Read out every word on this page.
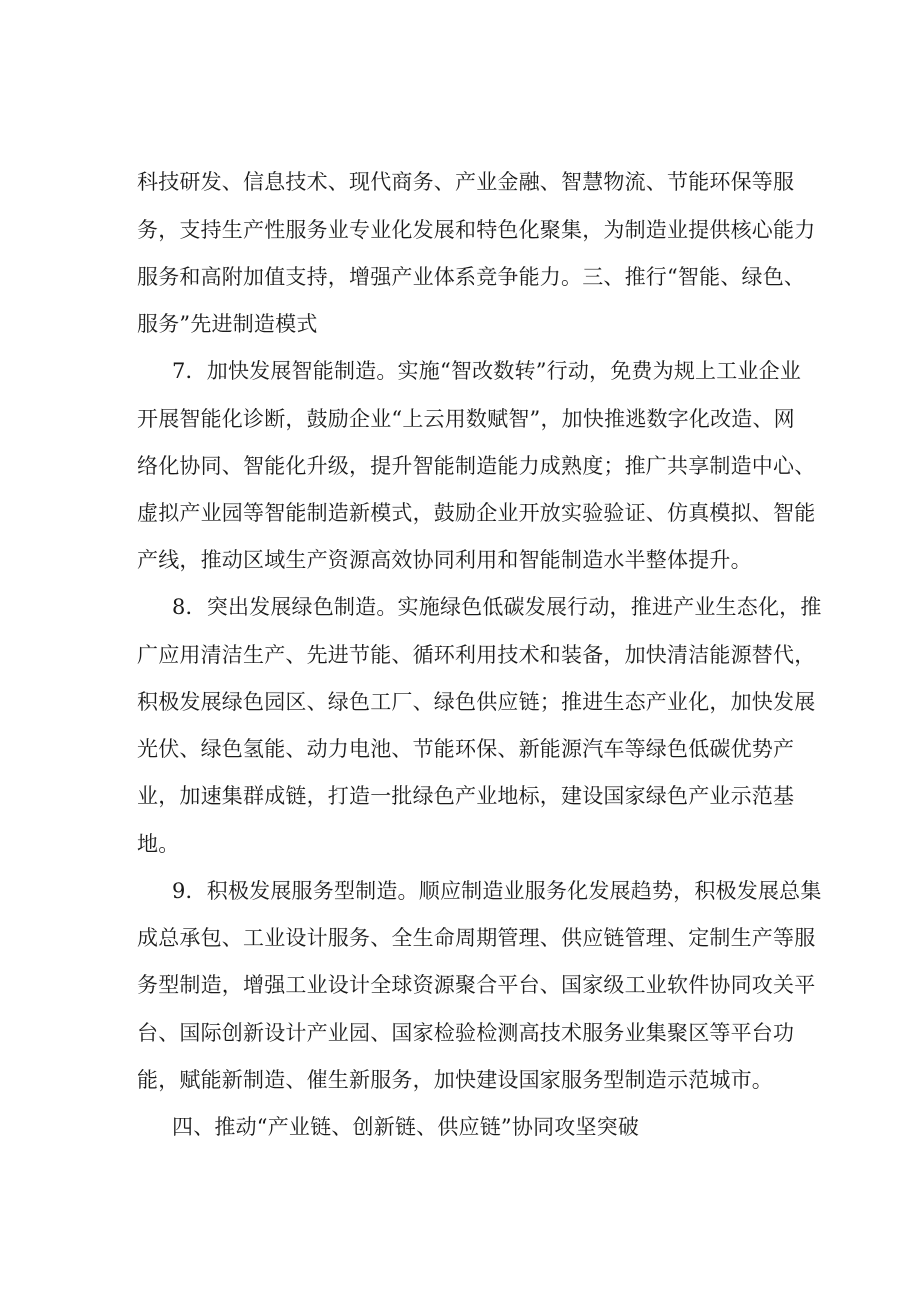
科技研发、信息技术、现代商务、产业金融、智慧物流、节能环保等服
务，支持生产性服务业专业化发展和特色化聚集，为制造业提供核心能力
服务和高附加值支持，增强产业体系竞争能力。三、推行“智能、绿色、
服务”先进制造模式
7．加快发展智能制造。实施“智改数转”行动，免费为规上工业企业
开展智能化诊断，鼓励企业“上云用数赋智”，加快推逃数字化改造、网
络化协同、智能化升级，提升智能制造能力成熟度；推广共享制造中心、
虚拟产业园等智能制造新模式，鼓励企业开放实验验证、仿真模拟、智能
产线，推动区域生产资源高效协同利用和智能制造水半整体提升。
8．突出发展绿色制造。实施绿色低碳发展行动，推进产业生态化，推
广应用清洁生产、先进节能、循环利用技术和装备，加快清洁能源替代，
积极发展绿色园区、绿色工厂、绿色供应链；推进生态产业化，加快发展
光伏、绿色氢能、动力电池、节能环保、新能源汽车等绿色低碳优势产
业，加速集群成链，打造一批绿色产业地标，建设国家绿色产业示范基
地。
9．积极发展服务型制造。顺应制造业服务化发展趋势，积极发展总集
成总承包、工业设计服务、全生命周期管理、供应链管理、定制生产等服
务型制造，增强工业设计全球资源聚合平台、国家级工业软件协同攻关平
台、国际创新设计产业园、国家检验检测高技术服务业集聚区等平台功
能，赋能新制造、催生新服务，加快建设国家服务型制造示范城市。
四、推动“产业链、创新链、供应链”协同攻坚突破
